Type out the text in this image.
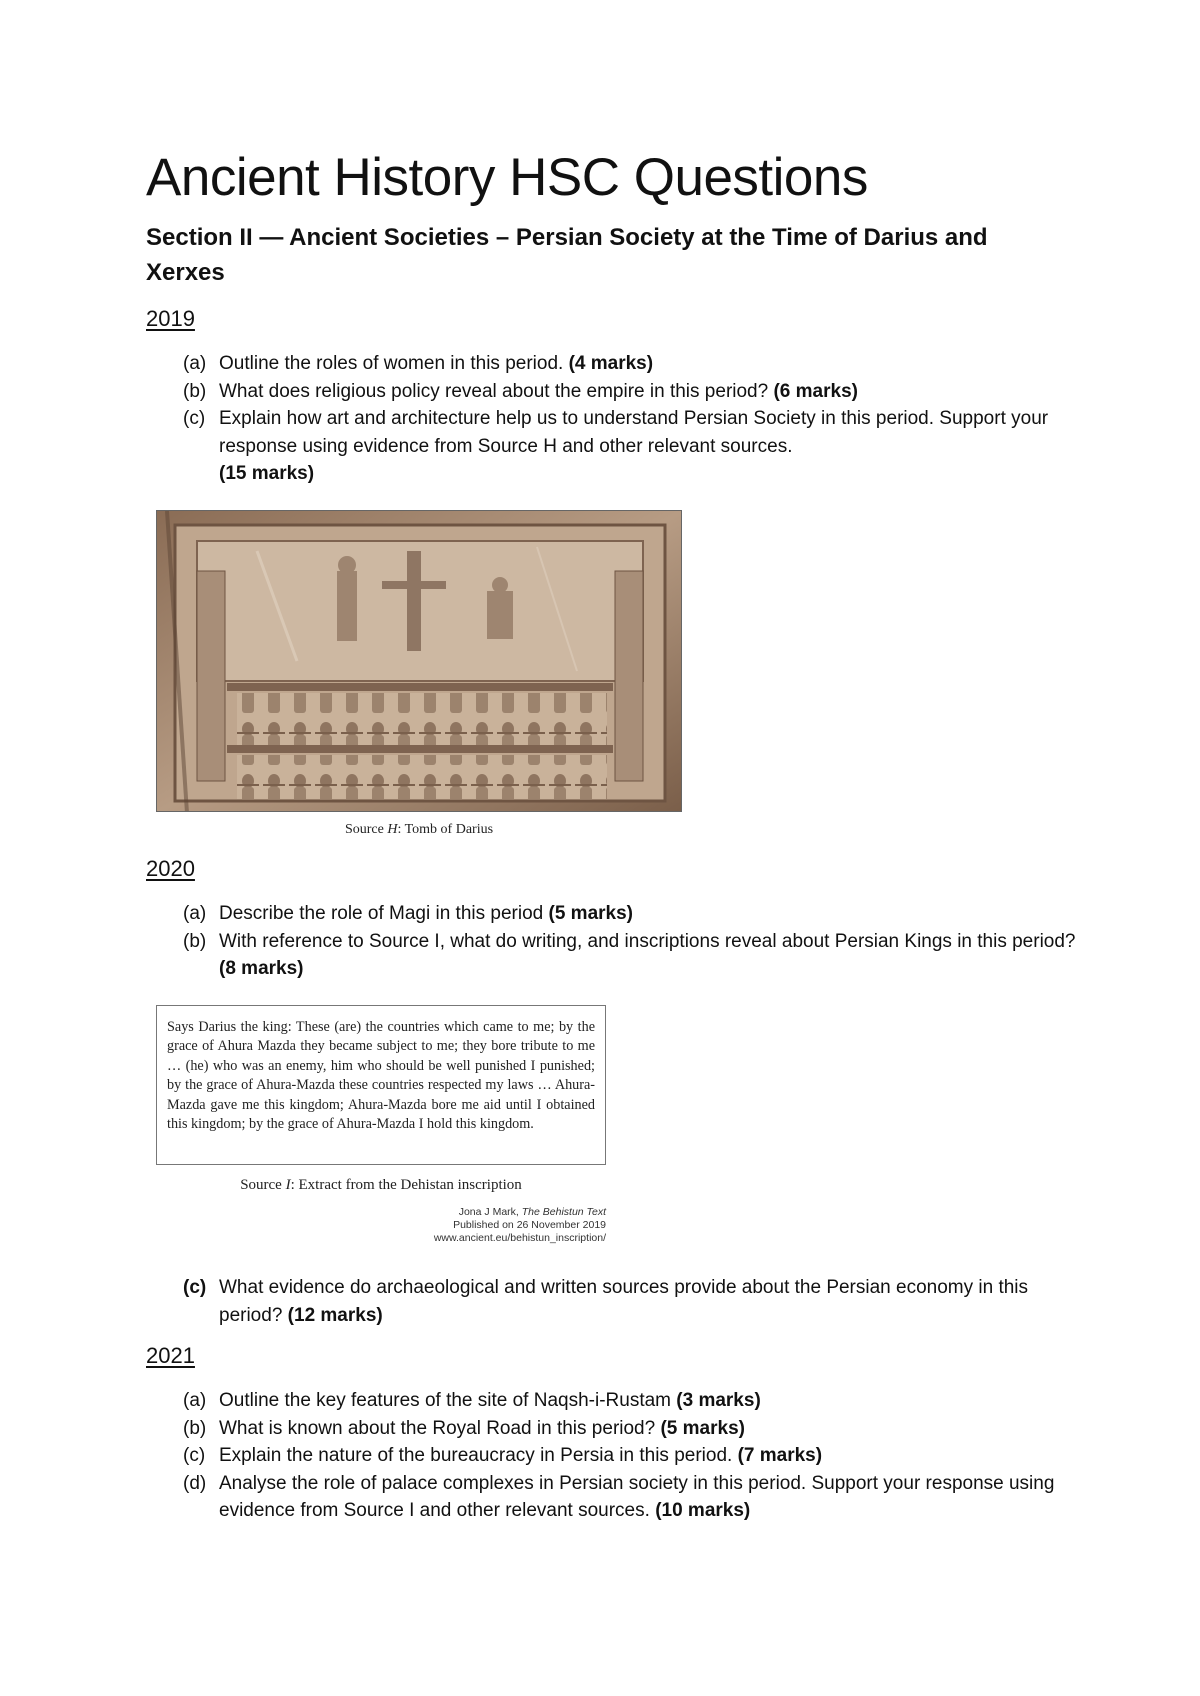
Ancient History HSC Questions
Section II — Ancient Societies – Persian Society at the Time of Darius and Xerxes

2019

(a) Outline the roles of women in this period. (4 marks)
(b) What does religious policy reveal about the empire in this period? (6 marks)
(c) Explain how art and architecture help us to understand Persian Society in this period. Support your response using evidence from Source H and other relevant sources.
(15 marks)
Source H: Tomb of Darius

2020

(a) Describe the role of Magi in this period (5 marks)
(b) With reference to Source I, what do writing, and inscriptions reveal about Persian Kings in this period? (8 marks)
Says Darius the king: These (are) the countries which came to me; by the grace of Ahura Mazda they became subject to me; they bore tribute to me … (he) who was an enemy, him who should be well punished I punished; by the grace of Ahura-Mazda these countries respected my laws … Ahura-Mazda gave me this kingdom; Ahura-Mazda bore me aid until I obtained this kingdom; by the grace of Ahura-Mazda I hold this kingdom.
Source I: Extract from the Dehistan inscription
Jona J Mark, The Behistun Text
Published on 26 November 2019
www.ancient.eu/behistun_inscription/
(c) What evidence do archaeological and written sources provide about the Persian economy in this period? (12 marks)

2021

(a) Outline the key features of the site of Naqsh-i-Rustam (3 marks)
(b) What is known about the Royal Road in this period? (5 marks)
(c) Explain the nature of the bureaucracy in Persia in this period. (7 marks)
(d) Analyse the role of palace complexes in Persian society in this period. Support your response using evidence from Source I and other relevant sources. (10 marks)
